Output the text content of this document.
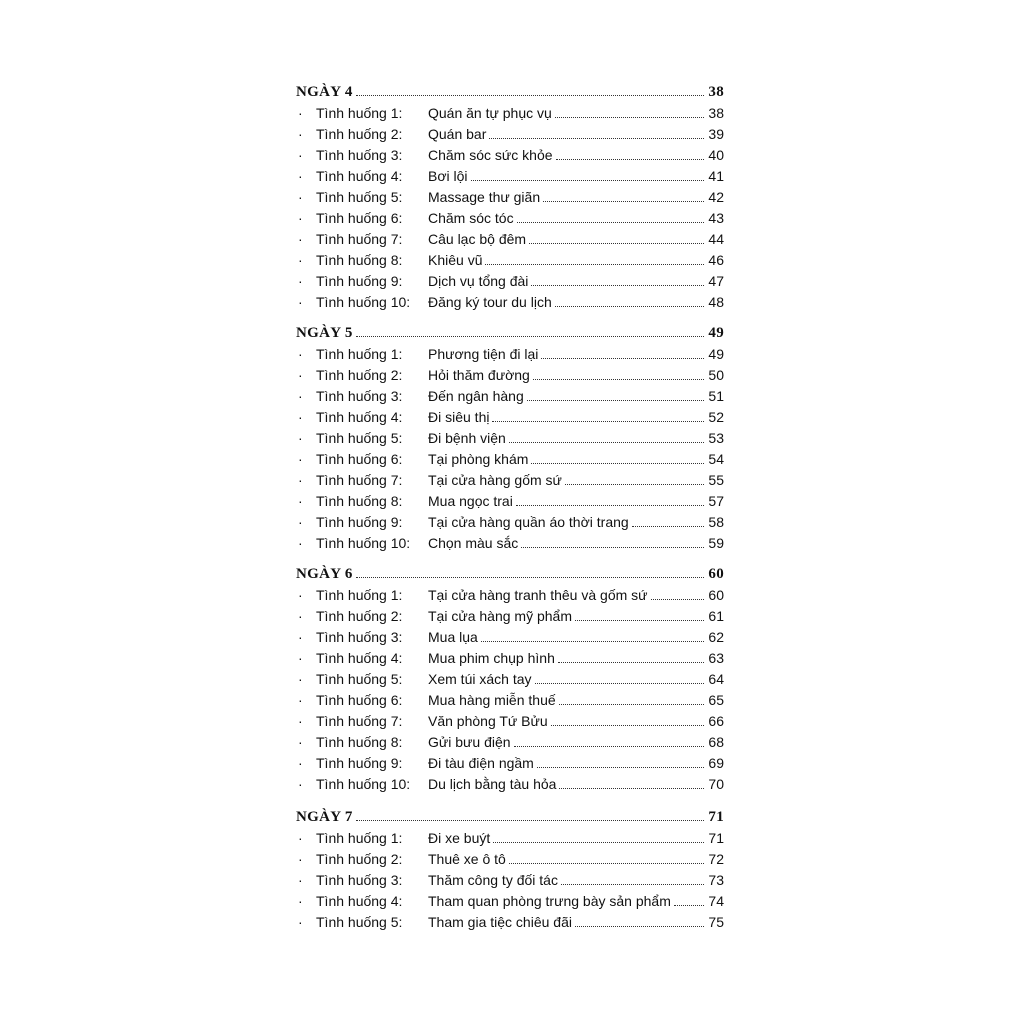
NGÀY 4	38
· Tình huống 1:	Quán ăn tự phục vụ	38
· Tình huống 2:	Quán bar	39
· Tình huống 3:	Chăm sóc sức khỏe	40
· Tình huống 4:	Bơi lội	41
· Tình huống 5:	Massage thư giãn	42
· Tình huống 6:	Chăm sóc tóc	43
· Tình huống 7:	Câu lạc bộ đêm	44
· Tình huống 8:	Khiêu vũ	46
· Tình huống 9:	Dịch vụ tổng đài	47
· Tình huống 10:	Đăng ký tour du lịch	48
NGÀY 5	49
· Tình huống 1:	Phương tiện đi lại	49
· Tình huống 2:	Hỏi thăm đường	50
· Tình huống 3:	Đến ngân hàng	51
· Tình huống 4:	Đi siêu thị	52
· Tình huống 5:	Đi bệnh viện	53
· Tình huống 6:	Tại phòng khám	54
· Tình huống 7:	Tại cửa hàng gốm sứ	55
· Tình huống 8:	Mua ngọc trai	57
· Tình huống 9:	Tại cửa hàng quần áo thời trang	58
· Tình huống 10:	Chọn màu sắc	59
NGÀY 6	60
· Tình huống 1:	Tại cửa hàng tranh thêu và gốm sứ	60
· Tình huống 2:	Tại cửa hàng mỹ phẩm	61
· Tình huống 3:	Mua lụa	62
· Tình huống 4:	Mua phim chụp hình	63
· Tình huống 5:	Xem túi xách tay	64
· Tình huống 6:	Mua hàng miễn thuế	65
· Tình huống 7:	Văn phòng Tứ Bửu	66
· Tình huống 8:	Gửi bưu điện	68
· Tình huống 9:	Đi tàu điện ngầm	69
· Tình huống 10:	Du lịch bằng tàu hỏa	70
NGÀY 7	71
· Tình huống 1:	Đi xe buýt	71
· Tình huống 2:	Thuê xe ô tô	72
· Tình huống 3:	Thăm công ty đối tác	73
· Tình huống 4:	Tham quan phòng trưng bày sản phẩm	74
· Tình huống 5:	Tham gia tiệc chiêu đãi	75
